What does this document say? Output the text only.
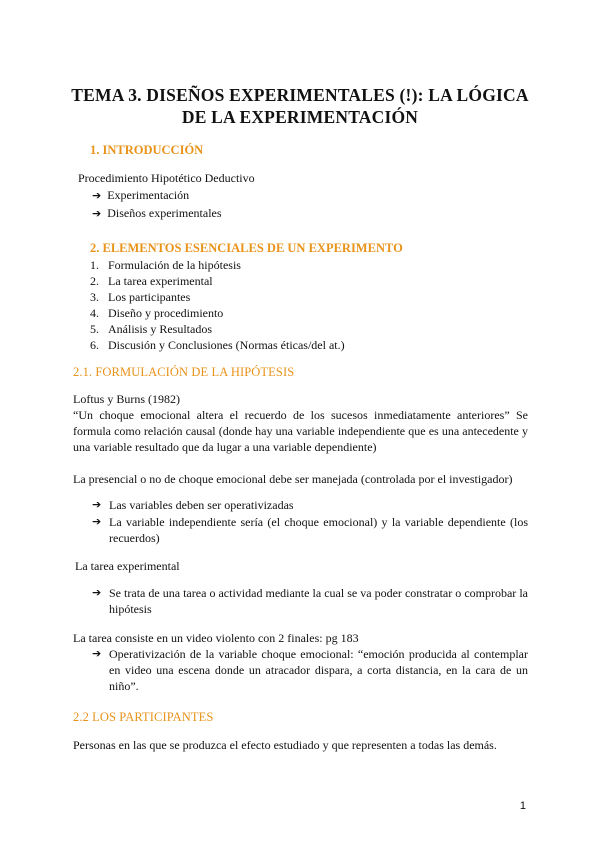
TEMA 3. DISEÑOS EXPERIMENTALES (!): LA LÓGICA DE LA EXPERIMENTACIÓN
1. INTRODUCCIÓN
Procedimiento Hipotético Deductivo
➔ Experimentación
➔ Diseños experimentales
2. ELEMENTOS ESENCIALES DE UN EXPERIMENTO
1. Formulación de la hipótesis
2. La tarea experimental
3. Los participantes
4. Diseño y procedimiento
5. Análisis y Resultados
6. Discusión y Conclusiones (Normas éticas/del at.)
2.1. FORMULACIÓN DE LA HIPÓTESIS
Loftus y Burns (1982)
“Un choque emocional altera el recuerdo de los sucesos inmediatamente anteriores” Se formula como relación causal (donde hay una variable independiente que es una antecedente y una variable resultado que da lugar a una variable dependiente)
La presencial o no de choque emocional debe ser manejada (controlada por el investigador)
➔ Las variables deben ser operativizadas
➔ La variable independiente sería (el choque emocional) y la variable dependiente (los recuerdos)
La tarea experimental
➔ Se trata de una tarea o actividad mediante la cual se va poder constratar o comprobar la hipótesis
La tarea consiste en un video violento con 2 finales: pg 183
➔ Operativización de la variable choque emocional: “emoción producida al contemplar en video una escena donde un atracador dispara, a corta distancia, en la cara de un niño”.
2.2 LOS PARTICIPANTES
Personas en las que se produzca el efecto estudiado y que representen a todas las demás.
1
